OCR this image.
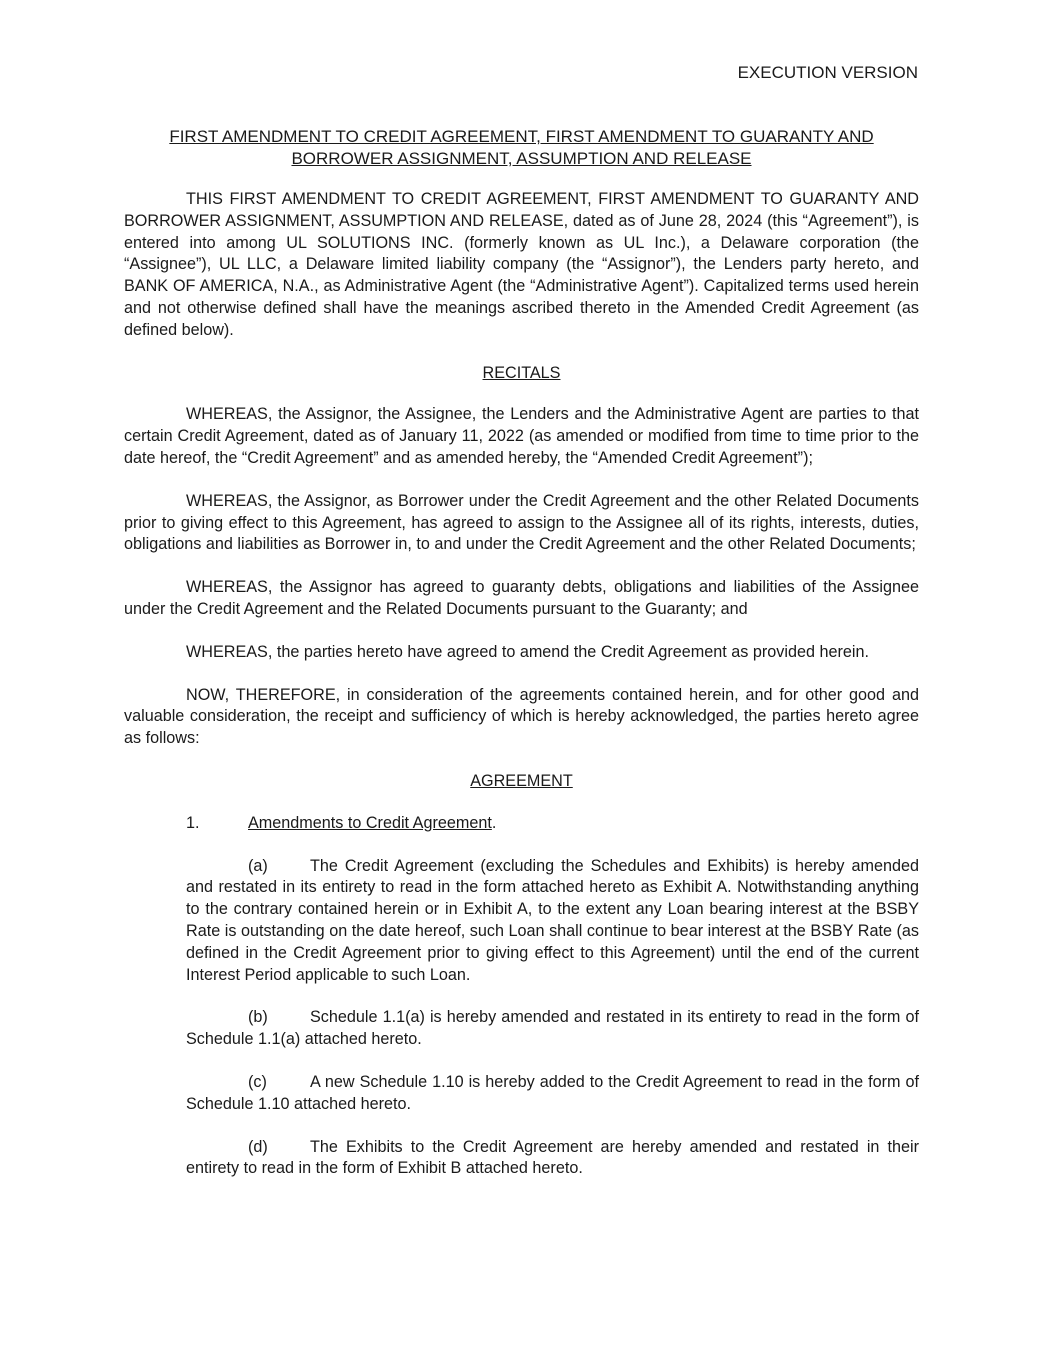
EXECUTION VERSION
FIRST AMENDMENT TO CREDIT AGREEMENT, FIRST AMENDMENT TO GUARANTY AND
BORROWER ASSIGNMENT, ASSUMPTION AND RELEASE

THIS FIRST AMENDMENT TO CREDIT AGREEMENT, FIRST AMENDMENT TO GUARANTY AND BORROWER ASSIGNMENT, ASSUMPTION AND RELEASE, dated as of June 28, 2024 (this “Agreement”), is entered into among UL SOLUTIONS INC. (formerly known as UL Inc.), a Delaware corporation (the “Assignee”), UL LLC, a Delaware limited liability company (the “Assignor”), the Lenders party hereto, and BANK OF AMERICA, N.A., as Administrative Agent (the “Administrative Agent”). Capitalized terms used herein and not otherwise defined shall have the meanings ascribed thereto in the Amended Credit Agreement (as defined below).

RECITALS

WHEREAS, the Assignor, the Assignee, the Lenders and the Administrative Agent are parties to that certain Credit Agreement, dated as of January 11, 2022 (as amended or modified from time to time prior to the date hereof, the “Credit Agreement” and as amended hereby, the “Amended Credit Agreement”);

WHEREAS, the Assignor, as Borrower under the Credit Agreement and the other Related Documents prior to giving effect to this Agreement, has agreed to assign to the Assignee all of its rights, interests, duties, obligations and liabilities as Borrower in, to and under the Credit Agreement and the other Related Documents;

WHEREAS, the Assignor has agreed to guaranty debts, obligations and liabilities of the Assignee under the Credit Agreement and the Related Documents pursuant to the Guaranty; and

WHEREAS, the parties hereto have agreed to amend the Credit Agreement as provided herein.

NOW, THEREFORE, in consideration of the agreements contained herein, and for other good and valuable consideration, the receipt and sufficiency of which is hereby acknowledged, the parties hereto agree as follows:

AGREEMENT
1.	Amendments to Credit Agreement.

(a)	The Credit Agreement (excluding the Schedules and Exhibits) is hereby amended and restated in its entirety to read in the form attached hereto as Exhibit A. Notwithstanding anything to the contrary contained herein or in Exhibit A, to the extent any Loan bearing interest at the BSBY Rate is outstanding on the date hereof, such Loan shall continue to bear interest at the BSBY Rate (as defined in the Credit Agreement prior to giving effect to this Agreement) until the end of the current Interest Period applicable to such Loan.

(b)	Schedule 1.1(a) is hereby amended and restated in its entirety to read in the form of Schedule 1.1(a) attached hereto.

(c)	A new Schedule 1.10 is hereby added to the Credit Agreement to read in the form of Schedule 1.10 attached hereto.

(d)	The Exhibits to the Credit Agreement are hereby amended and restated in their entirety to read in the form of Exhibit B attached hereto.
